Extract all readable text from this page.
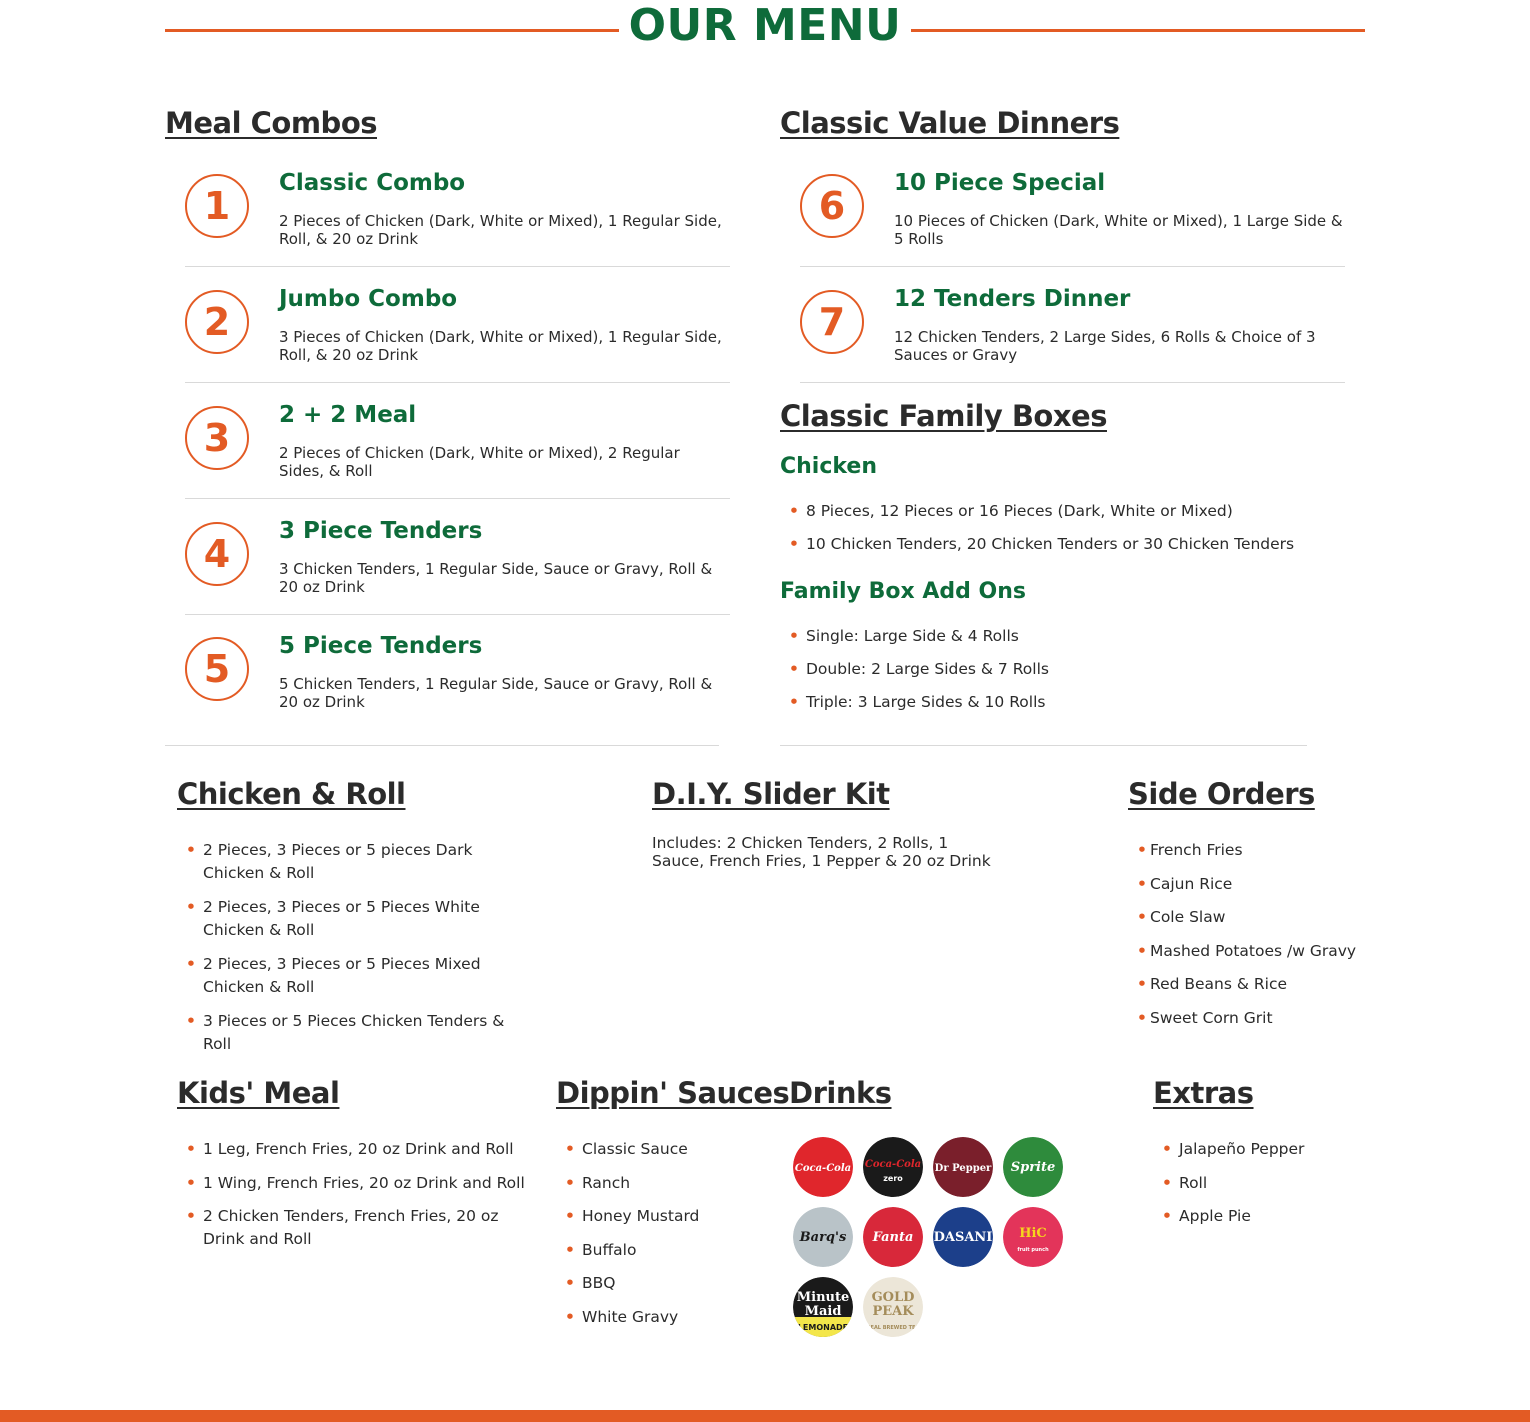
OUR MENU
Meal Combos
1
Classic Combo
2 Pieces of Chicken (Dark, White or Mixed), 1 Regular Side, Roll, & 20 oz Drink
2
Jumbo Combo
3 Pieces of Chicken (Dark, White or Mixed), 1 Regular Side, Roll, & 20 oz Drink
3
2 + 2 Meal
2 Pieces of Chicken (Dark, White or Mixed), 2 Regular Sides, & Roll
4
3 Piece Tenders
3 Chicken Tenders, 1 Regular Side, Sauce or Gravy, Roll & 20 oz Drink
5
5 Piece Tenders
5 Chicken Tenders, 1 Regular Side, Sauce or Gravy, Roll & 20 oz Drink
Classic Value Dinners
6
10 Piece Special
10 Pieces of Chicken (Dark, White or Mixed), 1 Large Side & 5 Rolls
7
12 Tenders Dinner
12 Chicken Tenders, 2 Large Sides, 6 Rolls & Choice of 3 Sauces or Gravy
Classic Family Boxes
Chicken
• 8 Pieces, 12 Pieces or 16 Pieces (Dark, White or Mixed)
• 10 Chicken Tenders, 20 Chicken Tenders or 30 Chicken Tenders
Family Box Add Ons
• Single: Large Side & 4 Rolls
• Double: 2 Large Sides & 7 Rolls
• Triple: 3 Large Sides & 10 Rolls
Chicken & Roll
• 2 Pieces, 3 Pieces or 5 pieces Dark Chicken & Roll
• 2 Pieces, 3 Pieces or 5 Pieces White Chicken & Roll
• 2 Pieces, 3 Pieces or 5 Pieces Mixed Chicken & Roll
• 3 Pieces or 5 Pieces Chicken Tenders & Roll
D.I.Y. Slider Kit
Includes: 2 Chicken Tenders, 2 Rolls, 1 Sauce, French Fries, 1 Pepper & 20 oz Drink
Side Orders
• French Fries
• Cajun Rice
• Cole Slaw
• Mashed Potatoes /w Gravy
• Red Beans & Rice
• Sweet Corn Grit
Kids' Meal
• 1 Leg, French Fries, 20 oz Drink and Roll
• 1 Wing, French Fries, 20 oz Drink and Roll
• 2 Chicken Tenders, French Fries, 20 oz Drink and Roll
Dippin' Sauces
• Classic Sauce
• Ranch
• Honey Mustard
• Buffalo
• BBQ
• White Gravy
Drinks
Coca-Cola Coca-Cola
zero
Dr Pepper Sprite
Barq's Fanta DASANI HiC
fruit punch
Minute
Maid
LEMONADE
GOLD
PEAK
REAL BREWED TEA
Extras
• Jalapeño Pepper
• Roll
• Apple Pie
